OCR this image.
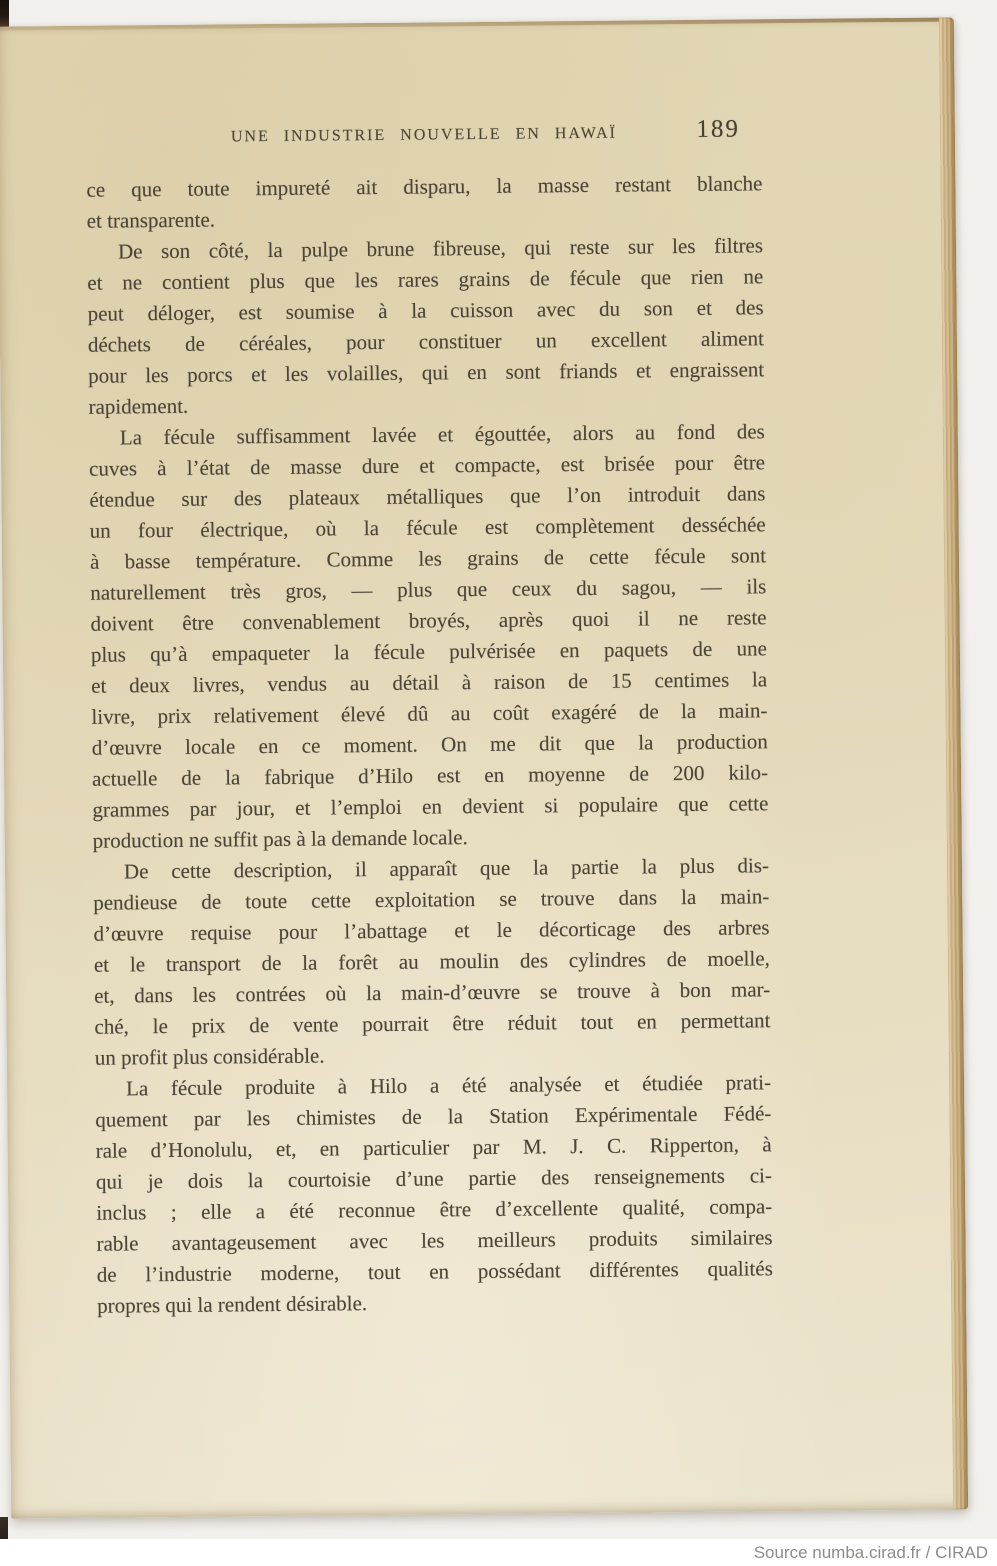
UNE INDUSTRIE NOUVELLE EN HAWAÏ	189
ce que toute impureté ait disparu, la masse restant blanche
et transparente.
De son côté, la pulpe brune fibreuse, qui reste sur les filtres
et ne contient plus que les rares grains de fécule que rien ne
peut déloger, est soumise à la cuisson avec du son et des
déchets de céréales, pour constituer un excellent aliment
pour les porcs et les volailles, qui en sont friands et engraissent
rapidement.
La fécule suffisamment lavée et égouttée, alors au fond des
cuves à l’état de masse dure et compacte, est brisée pour être
étendue sur des plateaux métalliques que l’on introduit dans
un four électrique, où la fécule est complètement desséchée
à basse température. Comme les grains de cette fécule sont
naturellement très gros, — plus que ceux du sagou, — ils
doivent être convenablement broyés, après quoi il ne reste
plus qu’à empaqueter la fécule pulvérisée en paquets de une
et deux livres, vendus au détail à raison de 15 centimes la
livre, prix relativement élevé dû au coût exagéré de la main-
d’œuvre locale en ce moment. On me dit que la production
actuelle de la fabrique d’Hilo est en moyenne de 200 kilo-
grammes par jour, et l’emploi en devient si populaire que cette
production ne suffit pas à la demande locale.
De cette description, il apparaît que la partie la plus dis-
pendieuse de toute cette exploitation se trouve dans la main-
d’œuvre requise pour l’abattage et le décorticage des arbres
et le transport de la forêt au moulin des cylindres de moelle,
et, dans les contrées où la main-d’œuvre se trouve à bon mar-
ché, le prix de vente pourrait être réduit tout en permettant
un profit plus considérable.
La fécule produite à Hilo a été analysée et étudiée prati-
quement par les chimistes de la Station Expérimentale Fédé-
rale d’Honolulu, et, en particulier par M. J. C. Ripperton, à
qui je dois la courtoisie d’une partie des renseignements ci-
inclus ; elle a été reconnue être d’excellente qualité, compa-
rable avantageusement avec les meilleurs produits similaires
de l’industrie moderne, tout en possédant différentes qualités
propres qui la rendent désirable.
Source numba.cirad.fr / CIRAD
